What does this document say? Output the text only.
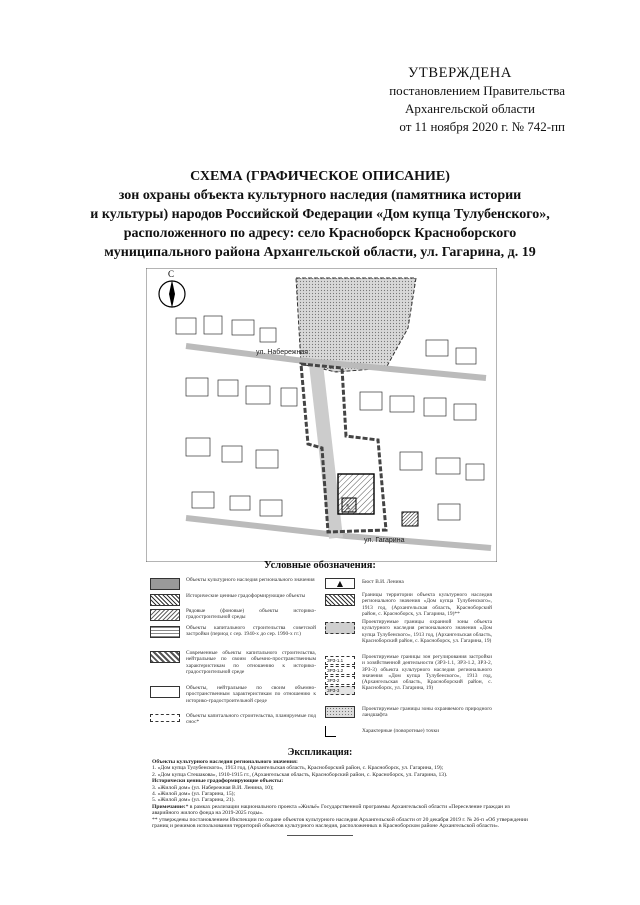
УТВЕРЖДЕНА
постановлением Правительства
Архангельской области
от 11 ноября 2020 г. № 742-пп
СХЕМА (ГРАФИЧЕСКОЕ ОПИСАНИЕ)
зон охраны объекта культурного наследия (памятника истории
и культуры) народов Российской Федерации «Дом купца Тулубенского»,
расположенного по адресу: село Красноборск Красноборского
муниципального района Архангельской области, ул. Гагарина, д. 19
ул. Набережная
ул. Гагарина
1
С
Условные обозначения:
Объекты культурного наследия регионального значения
Исторические ценные градоформирующие объекты
Рядовые (фоновые) объекты историко-градостроительной среды
Объекты капитального строительства советской застройки (период с сер. 1940-х до сер. 1990-х гг.)
Современные объекты капитального строительства, нейтральные по своим объемно-пространственным характеристикам по отношению к историко-градостроительной среде
Объекты, нейтральные по своим объемно-пространственным характеристикам по отношению к историко-градостроительной среде
Объекты капитального строительства, планируемые под снос*
▲	Бюст В.И. Ленина
Границы территории объекта культурного наследия регионального значения «Дом купца Тулубенского», 1913 год, (Архангельская область, Красноборский район, с. Красноборск, ул. Гагарина, 19)**
Проектируемые границы охранной зоны объекта культурного наследия регионального значения «Дом купца Тулубенского», 1913 год, (Архангельская область, Красноборский район, с. Красноборск, ул. Гагарина, 19)
ЗРЗ-1.1
ЗРЗ-1.2
ЗРЗ-2
ЗРЗ-3
Проектируемые границы зон регулирования застройки и хозяйственной деятельности (ЗРЗ-1.1, ЗРЗ-1.2, ЗРЗ-2, ЗРЗ-3) объекта культурного наследия регионального значения «Дом купца Тулубенского», 1913 год, (Архангельская область, Красноборский район, с. Красноборск, ул. Гагарина, 19)
Проектируемые границы зоны охраняемого природного ландшафта
Характерные (поворотные) точки
Экспликация:
Объекты культурного наследия регионального значения:
1. «Дом купца Тулубенского», 1913 год, (Архангельская область, Красноборский район, с. Красноборск, ул. Гагарина, 19);
2. «Дом купца Стешакова», 1910-1915 гг., (Архангельская область, Красноборский район, с. Красноборск, ул. Гагарина, 13).
Исторически ценные градоформирующие объекты:
3. «Жилой дом» (ул. Набережная В.И. Ленина, 10);
4. «Жилой дом» (ул. Гагарина, 15);
5. «Жилой дом» (ул. Гагарина, 21).
Примечание:* в рамках реализации национального проекта «Жильё» Государственной программы Архангельской области «Переселение граждан из аварийного жилого фонда на 2019-2025 годы».
** утверждены постановлением Инспекции по охране объектов культурного наследия Архангельской области от 20 декабря 2019 г. № 26-п «Об утверждении границ и режимов использования территорий объектов культурного наследия, расположенных в Красноборском районе Архангельской области».
